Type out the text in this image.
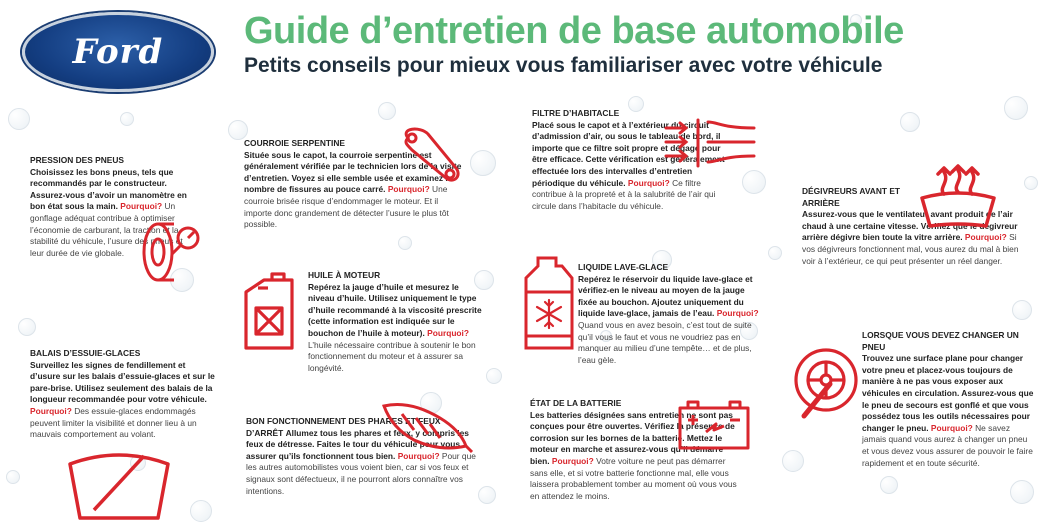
Ford Guide d’entretien de base automobile
Petits conseils pour mieux vous familiariser avec votre véhicule
PRESSION DES PNEUS
Choisissez les bons pneus, tels que recommandés par le constructeur. Assurez-vous d’avoir un manomètre en bon état sous la main. Pourquoi? Un gonflage adéquat contribue à optimiser l’économie de carburant, la traction et la stabilité du véhicule, l’usure des pneus et leur durée de vie globale.
BALAIS D’ESSUIE-GLACES
Surveillez les signes de fendillement et d’usure sur les balais d’essuie-glaces et sur le pare-brise. Utilisez seulement des balais de la longueur recommandée pour votre véhicule. Pourquoi? Des essuie-glaces endommagés peuvent limiter la visibilité et donner lieu à un mauvais comportement au volant.
COURROIE SERPENTINE
Située sous le capot, la courroie serpentine est généralement vérifiée par le technicien lors de la visite d’entretien. Voyez si elle semble usée et examinez le nombre de fissures au pouce carré. Pourquoi? Une courroie brisée risque d’endommager le moteur. Et il importe donc grandement de détecter l’usure le plus tôt possible.
HUILE À MOTEUR
Repérez la jauge d’huile et mesurez le niveau d’huile. Utilisez uniquement le type d’huile recommandé à la viscosité prescrite (cette information est indiquée sur le bouchon de l’huile à moteur). Pourquoi? L’huile nécessaire contribue à soutenir le bon fonctionnement du moteur et à assurer sa longévité.
BON FONCTIONNEMENT DES PHARES ET FEUX D’ARRÊT Allumez tous les phares et feux, y compris les feux de détresse. Faites le tour du véhicule pour vous assurer qu’ils fonctionnent tous bien. Pourquoi? Pour que les autres automobilistes vous voient bien, car si vos feux et signaux sont défectueux, il ne pourront alors connaître vos intentions.
FILTRE D’HABITACLE
Placé sous le capot et à l’extérieur du circuit d’admission d’air, ou sous le tableau de bord, il importe que ce filtre soit propre et dégagé pour être efficace. Cette vérification est généralement effectuée lors des intervalles d’entretien périodique du véhicule. Pourquoi? Ce filtre contribue à la propreté et à la salubrité de l’air qui circule dans l’habitacle du véhicule.
LIQUIDE LAVE-GLACE
Repérez le réservoir du liquide lave-glace et vérifiez-en le niveau au moyen de la jauge fixée au bouchon. Ajoutez uniquement du liquide lave-glace, jamais de l’eau. Pourquoi? Quand vous en avez besoin, c’est tout de suite qu’il vous le faut et vous ne voudriez pas en manquer au milieu d’une tempête… et de plus, l’eau gèle.
ÉTAT DE LA BATTERIE
Les batteries désignées sans entretien ne sont pas conçues pour être ouvertes. Vérifiez la présence de corrosion sur les bornes de la batterie. Mettez le moteur en marche et assurez-vous qu’il démarre bien. Pourquoi? Votre voiture ne peut pas démarrer sans elle, et si votre batterie fonctionne mal, elle vous laissera probablement tomber au moment où vous vous en attendez le moins.
DÉGIVREURS AVANT ET ARRIÈRE
Assurez-vous que le ventilateur avant produit de l’air chaud à une certaine vitesse. Vérifiez que le dégivreur arrière dégivre bien toute la vitre arrière. Pourquoi? Si vos dégivreurs fonctionnent mal, vous aurez du mal à bien voir à l’extérieur, ce qui peut présenter un réel danger.
LORSQUE VOUS DEVEZ CHANGER UN PNEU
Trouvez une surface plane pour changer votre pneu et placez-vous toujours de manière à ne pas vous exposer aux véhicules en circulation. Assurez-vous que le pneu de secours est gonflé et que vous possédez tous les outils nécessaires pour changer le pneu. Pourquoi? Ne savez jamais quand vous aurez à changer un pneu et vous devez vous assurer de pouvoir le faire rapidement et en toute sécurité.
